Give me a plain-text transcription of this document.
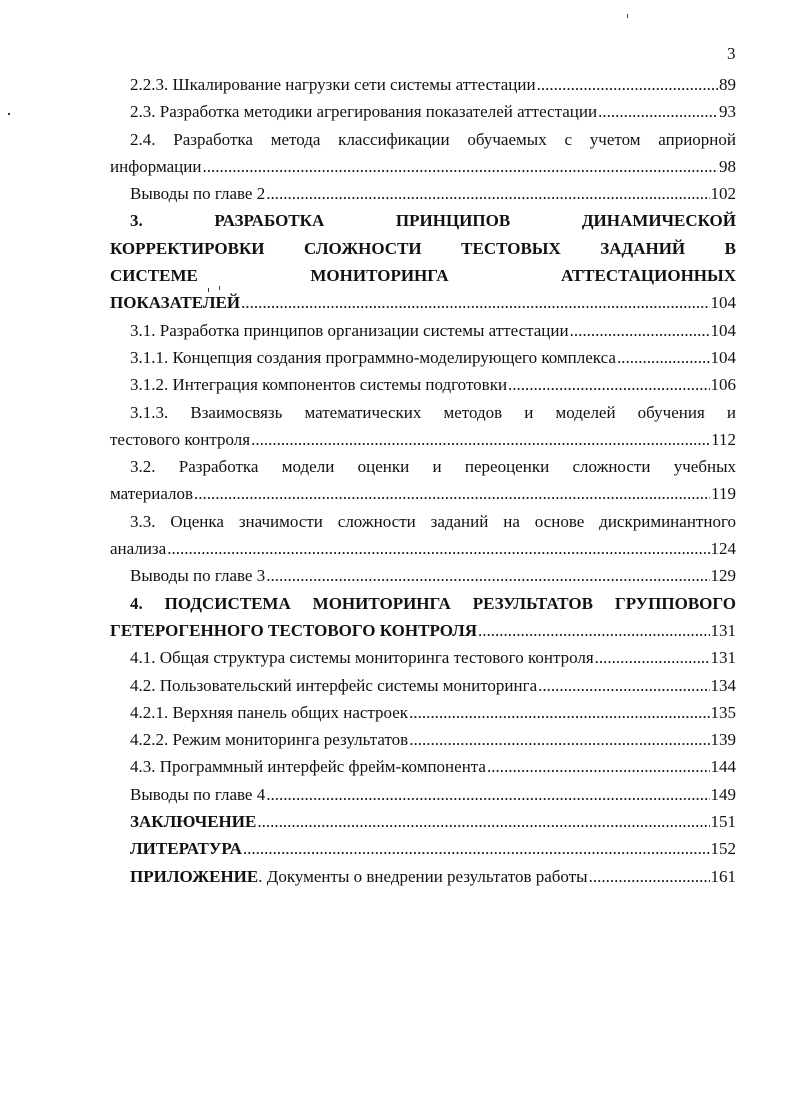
3
2.2.3. Шкалирование нагрузки сети системы аттестации .....	89
2.3. Разработка методики агрегирования показателей аттестации .....	93
2.4. Разработка метода классификации обучаемых с учетом априорной
информации .....	98
Выводы по главе 2 .....	102
3. РАЗРАБОТКА ПРИНЦИПОВ ДИНАМИЧЕСКОЙ
КОРРЕКТИРОВКИ СЛОЖНОСТИ ТЕСТОВЫХ ЗАДАНИЙ В
СИСТЕМЕ МОНИТОРИНГА АТТЕСТАЦИОННЫХ
ПОКАЗАТЕЛЕЙ .....	104
3.1. Разработка принципов организации системы аттестации .....	104
3.1.1. Концепция создания программно-моделирующего комплекса .....	104
3.1.2. Интеграция компонентов системы подготовки .....	106
3.1.3. Взаимосвязь математических методов и моделей обучения и
тестового контроля .....	112
3.2. Разработка модели оценки и переоценки сложности учебных
материалов .....	119
3.3. Оценка значимости сложности заданий на основе дискриминантного
анализа .....	124
Выводы по главе 3 .....	129
4. ПОДСИСТЕМА МОНИТОРИНГА РЕЗУЛЬТАТОВ ГРУППОВОГО
ГЕТЕРОГЕННОГО ТЕСТОВОГО КОНТРОЛЯ .....	131
4.1. Общая структура системы мониторинга тестового контроля .....	131
4.2. Пользовательский интерфейс системы мониторинга .....	134
4.2.1. Верхняя панель общих настроек .....	135
4.2.2. Режим мониторинга результатов .....	139
4.3. Программный интерфейс фрейм-компонента .....	144
Выводы по главе 4 .....	149
ЗАКЛЮЧЕНИЕ .....	151
ЛИТЕРАТУРА .....	152
ПРИЛОЖЕНИЕ. Документы о внедрении результатов работы .....	161
